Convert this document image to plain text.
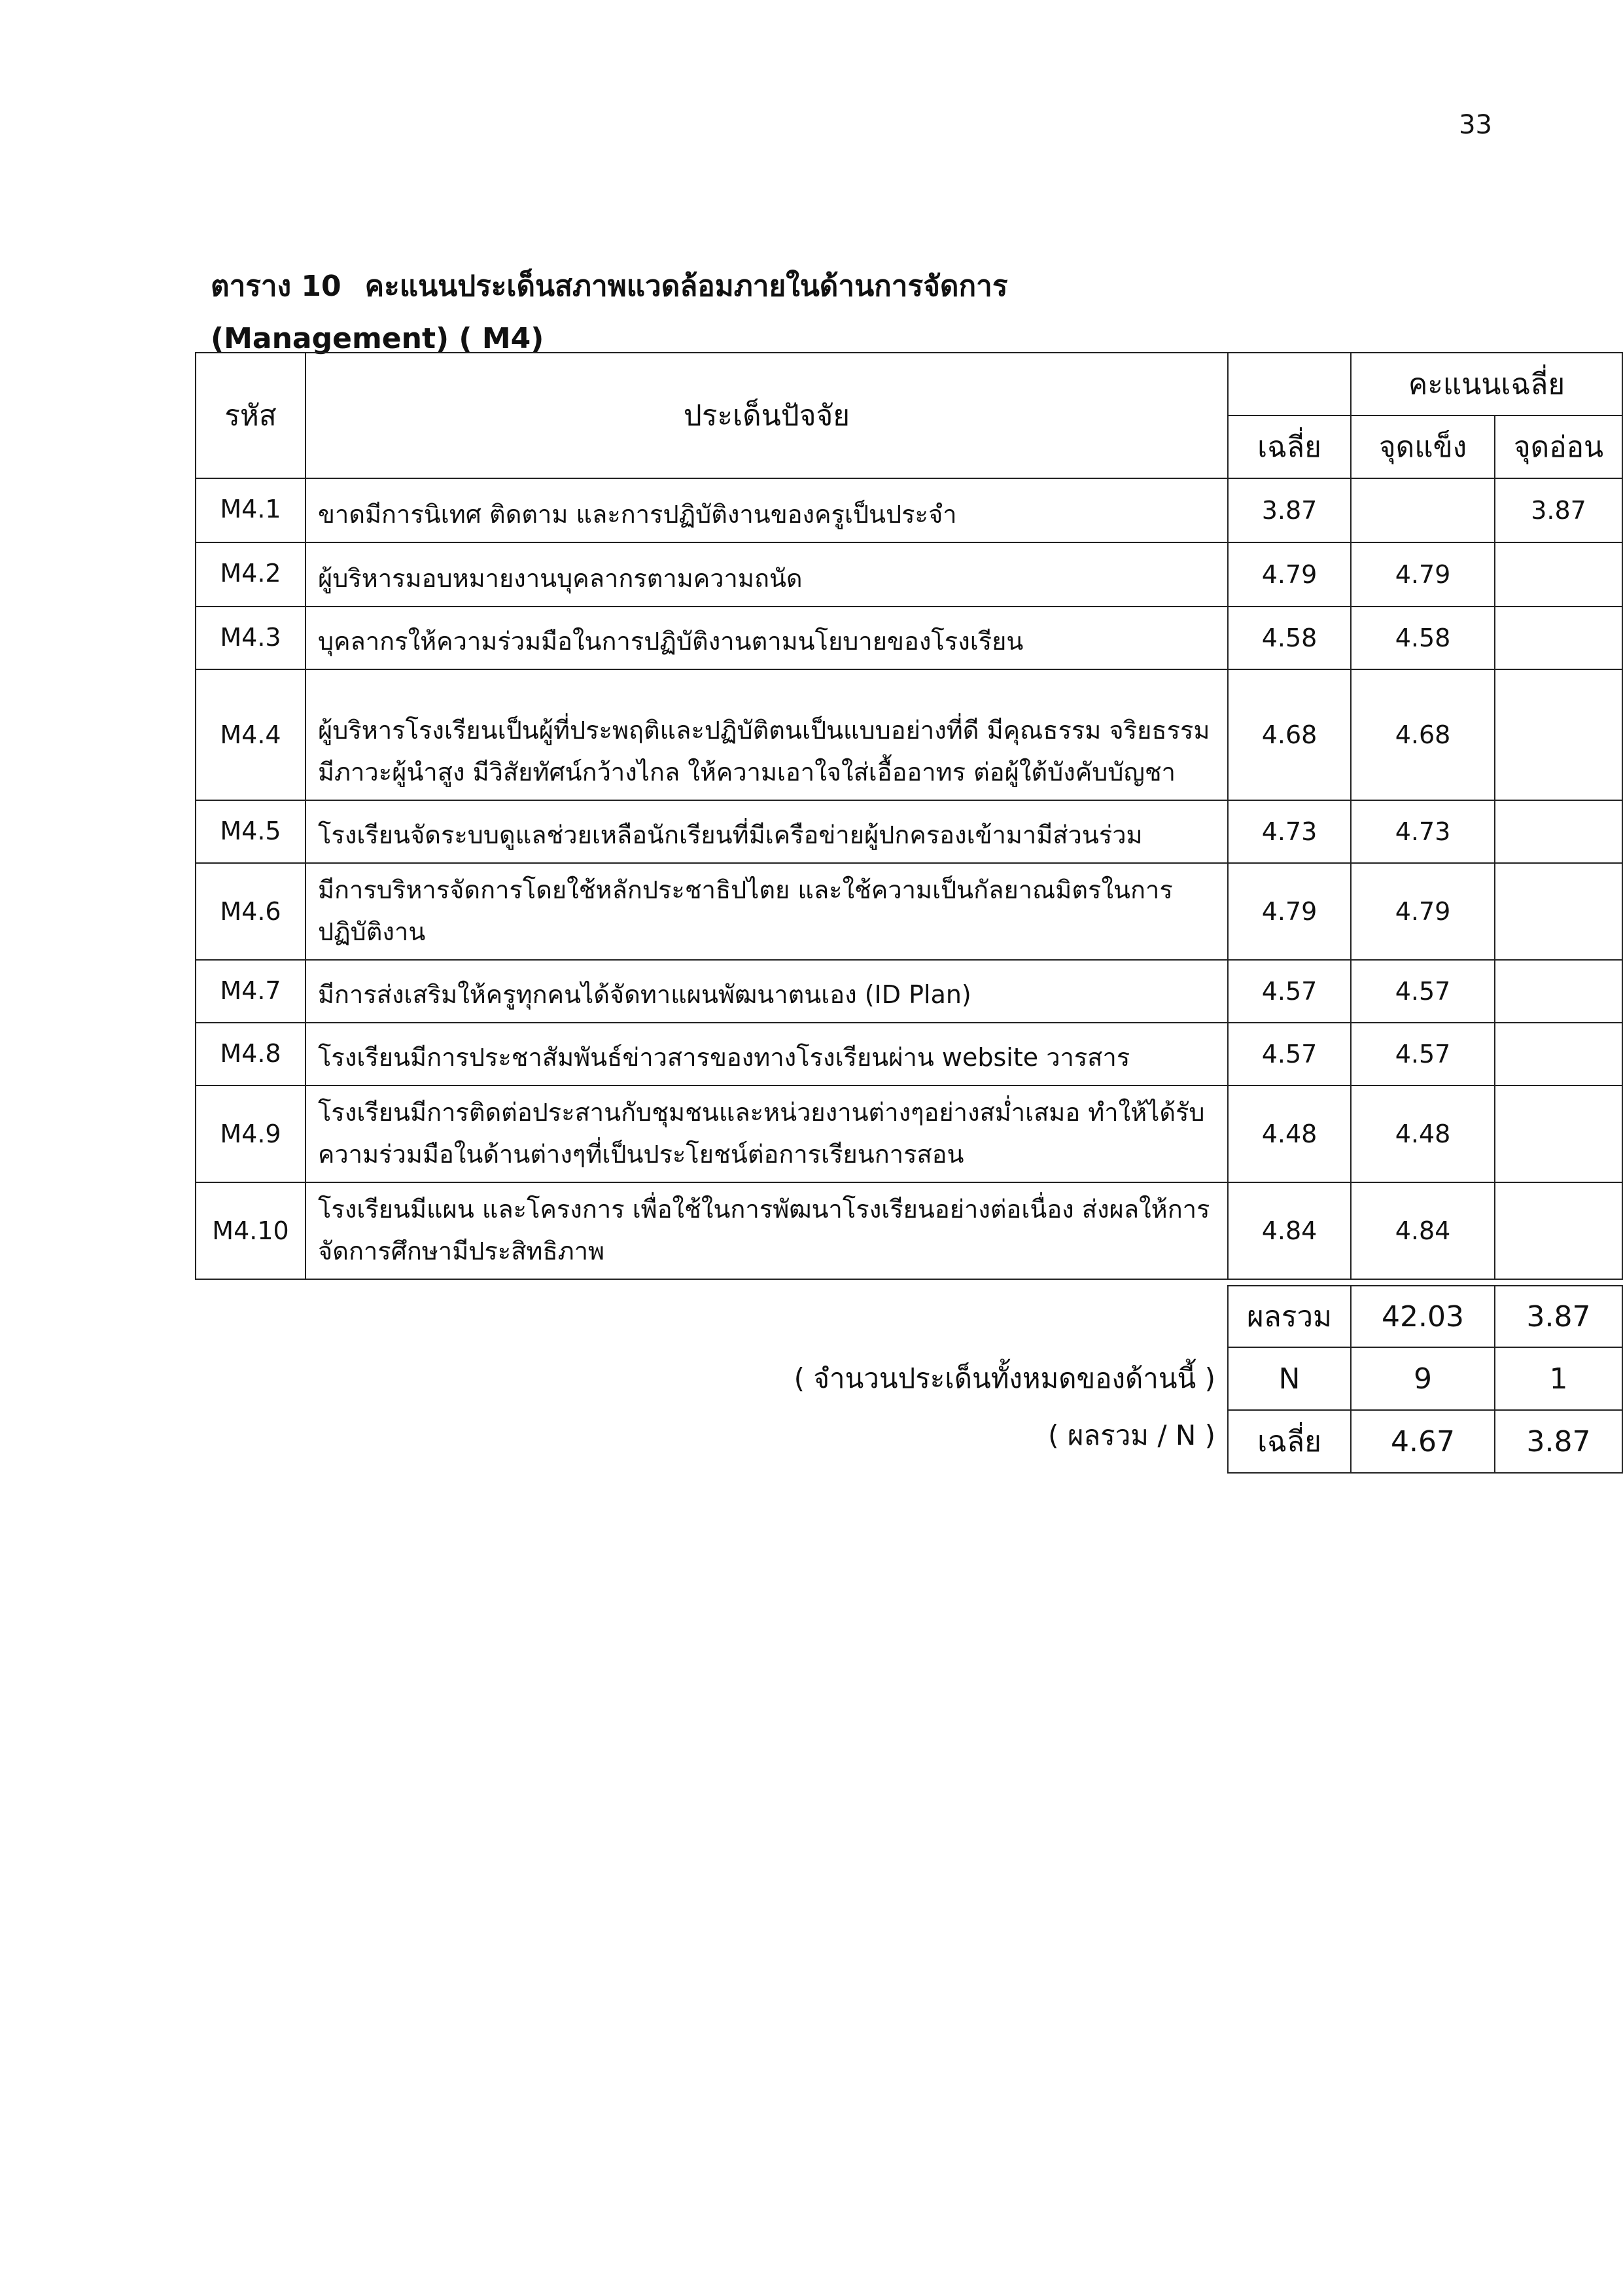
33
ตาราง 10 คะแนนประเด็นสภาพแวดล้อมภายในด้านการจัดการ
(Management) ( M4)
รหัส	ประเด็นปัจจัย		คะแนนเฉลี่ย	
		เฉลี่ย	จุดแข็ง	จุดอ่อน
M4.1	ขาดมีการนิเทศ ติดตาม และการปฏิบัติงานของครูเป็นประจำ	3.87		3.87
M4.2	ผู้บริหารมอบหมายงานบุคลากรตามความถนัด	4.79	4.79	
M4.3	บุคลากรให้ความร่วมมือในการปฏิบัติงานตามนโยบายของโรงเรียน	4.58	4.58	
M4.4	ผู้บริหารโรงเรียนเป็นผู้ที่ประพฤติและปฏิบัติตนเป็นแบบอย่างที่ดี มีคุณธรรม จริยธรรม มีภาวะผู้นำสูง มีวิสัยทัศน์กว้างไกล ให้ความเอาใจใส่เอื้ออาทร ต่อผู้ใต้บังคับบัญชา	4.68	4.68	
M4.5	โรงเรียนจัดระบบดูแลช่วยเหลือนักเรียนที่มีเครือข่ายผู้ปกครองเข้ามามีส่วนร่วม	4.73	4.73	
M4.6	มีการบริหารจัดการโดยใช้หลักประชาธิปไตย และใช้ความเป็นกัลยาณมิตรในการปฏิบัติงาน	4.79	4.79	
M4.7	มีการส่งเสริมให้ครูทุกคนได้จัดทาแผนพัฒนาตนเอง (ID Plan)	4.57	4.57	
M4.8	โรงเรียนมีการประชาสัมพันธ์ข่าวสารของทางโรงเรียนผ่าน website วารสาร	4.57	4.57	
M4.9	โรงเรียนมีการติดต่อประสานกับชุมชนและหน่วยงานต่างๆอย่างสม่ำเสมอ ทำให้ได้รับความร่วมมือในด้านต่างๆที่เป็นประโยชน์ต่อการเรียนการสอน	4.48	4.48	
M4.10	โรงเรียนมีแผน และโครงการ เพื่อใช้ในการพัฒนาโรงเรียนอย่างต่อเนื่อง ส่งผลให้การจัดการศึกษามีประสิทธิภาพ	4.84	4.84	

		ผลรวม	42.03	3.87
( จำนวนประเด็นทั้งหมดของด้านนี้ )		N	9	1
( ผลรวม / N )		เฉลี่ย	4.67	3.87
